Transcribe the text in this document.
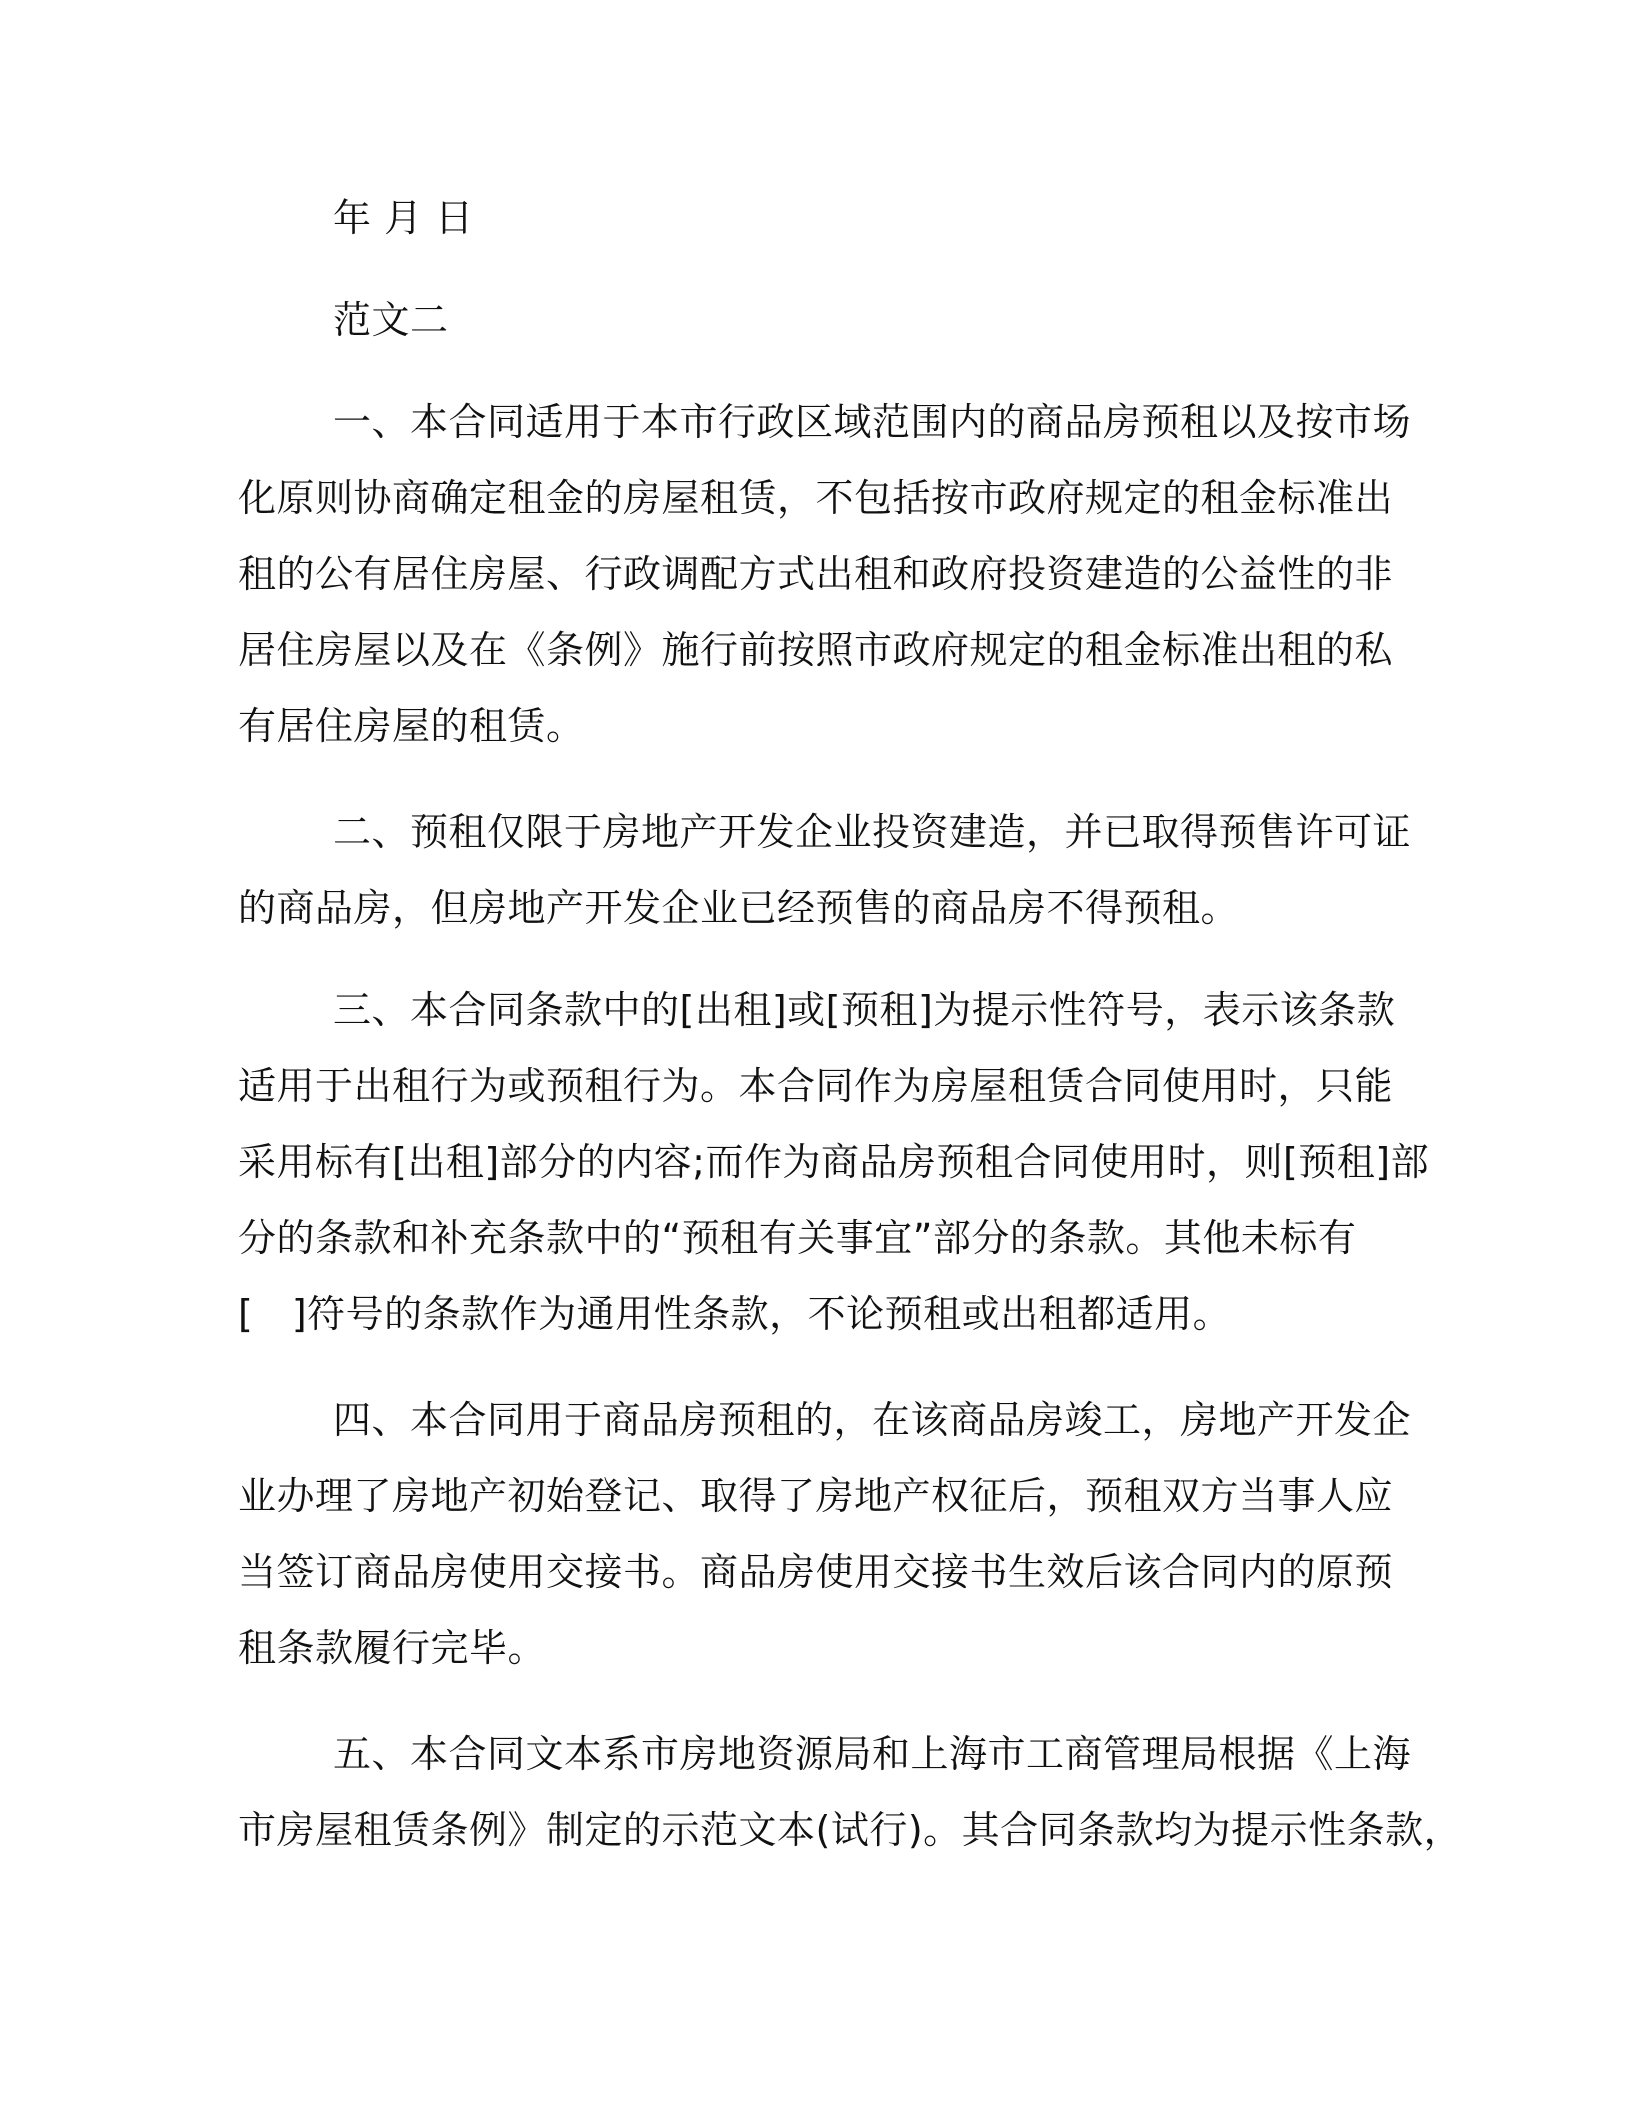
年 月 日
范文二
一、本合同适用于本市行政区域范围内的商品房预租以及按市场
化原则协商确定租金的房屋租赁，不包括按市政府规定的租金标准出
租的公有居住房屋、行政调配方式出租和政府投资建造的公益性的非
居住房屋以及在《条例》施行前按照市政府规定的租金标准出租的私
有居住房屋的租赁。
二、预租仅限于房地产开发企业投资建造，并已取得预售许可证
的商品房，但房地产开发企业已经预售的商品房不得预租。
三、本合同条款中的[出租]或[预租]为提示性符号，表示该条款
适用于出租行为或预租行为。本合同作为房屋租赁合同使用时，只能
采用标有[出租]部分的内容;而作为商品房预租合同使用时，则[预租]部
分的条款和补充条款中的“预租有关事宜”部分的条款。其他未标有
[　]符号的条款作为通用性条款，不论预租或出租都适用。
四、本合同用于商品房预租的，在该商品房竣工，房地产开发企
业办理了房地产初始登记、取得了房地产权征后，预租双方当事人应
当签订商品房使用交接书。商品房使用交接书生效后该合同内的原预
租条款履行完毕。
五、本合同文本系市房地资源局和上海市工商管理局根据《上海
市房屋租赁条例》制定的示范文本(试行)。其合同条款均为提示性条款，
